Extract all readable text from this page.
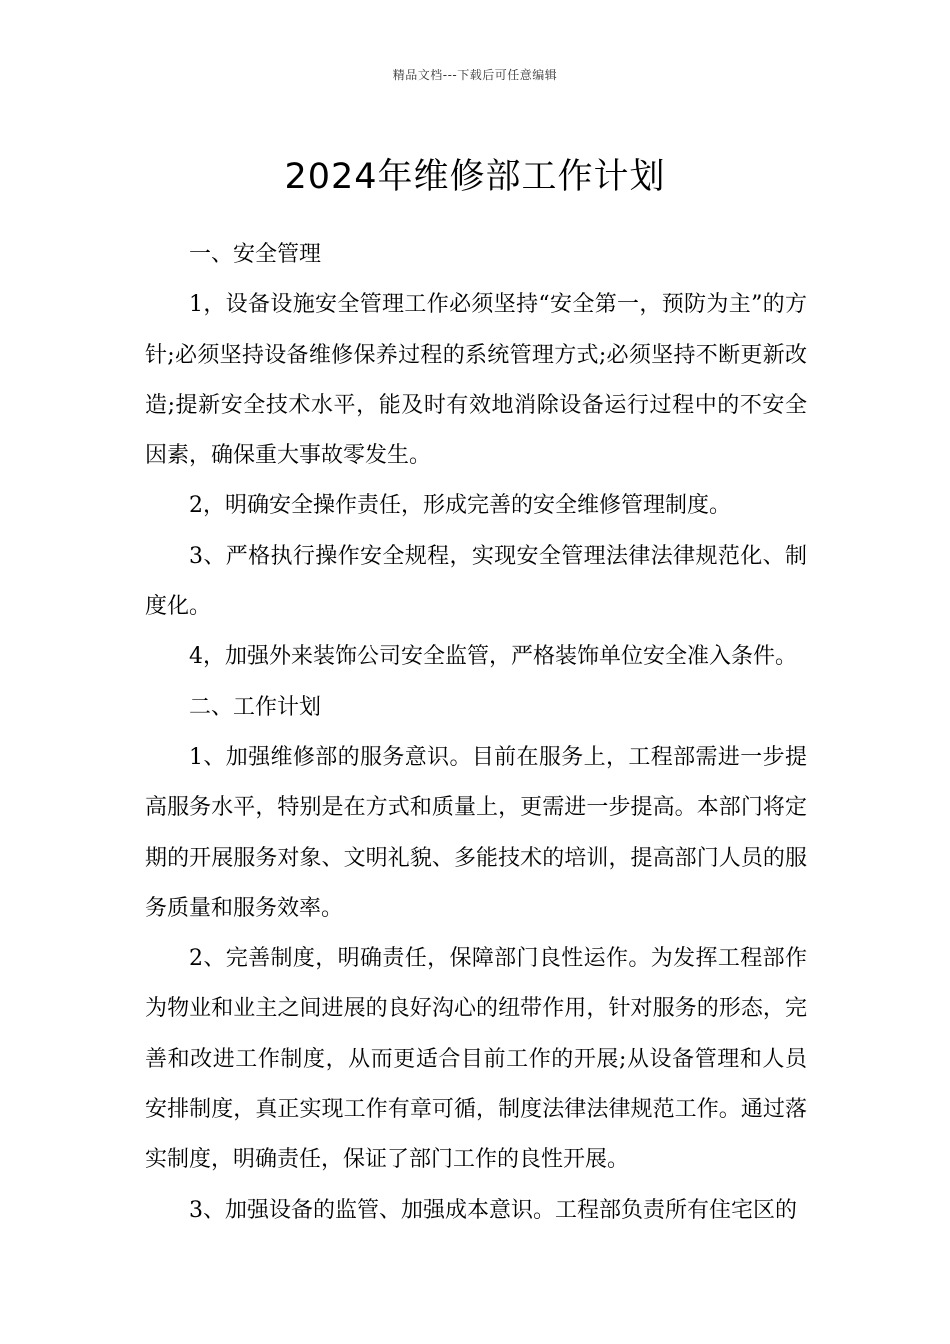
精品文档---下载后可任意编辑
2024年维修部工作计划

一、安全管理

1，设备设施安全管理工作必须坚持“安全第一，预防为主”的方针;必须坚持设备维修保养过程的系统管理方式;必须坚持不断更新改造;提新安全技术水平，能及时有效地消除设备运行过程中的不安全因素，确保重大事故零发生。

2，明确安全操作责任，形成完善的安全维修管理制度。

3、严格执行操作安全规程，实现安全管理法律法律规范化、制度化。

4，加强外来装饰公司安全监管，严格装饰单位安全准入条件。

二、工作计划

1、加强维修部的服务意识。目前在服务上，工程部需进一步提高服务水平，特别是在方式和质量上，更需进一步提高。本部门将定期的开展服务对象、文明礼貌、多能技术的培训，提高部门人员的服务质量和服务效率。

2、完善制度，明确责任，保障部门良性运作。为发挥工程部作为物业和业主之间进展的良好沟心的纽带作用，针对服务的形态，完善和改进工作制度，从而更适合目前工作的开展;从设备管理和人员安排制度，真正实现工作有章可循，制度法律法律规范工作。通过落实制度，明确责任，保证了部门工作的良性开展。

3、加强设备的监管、加强成本意识。工程部负责所有住宅区的
